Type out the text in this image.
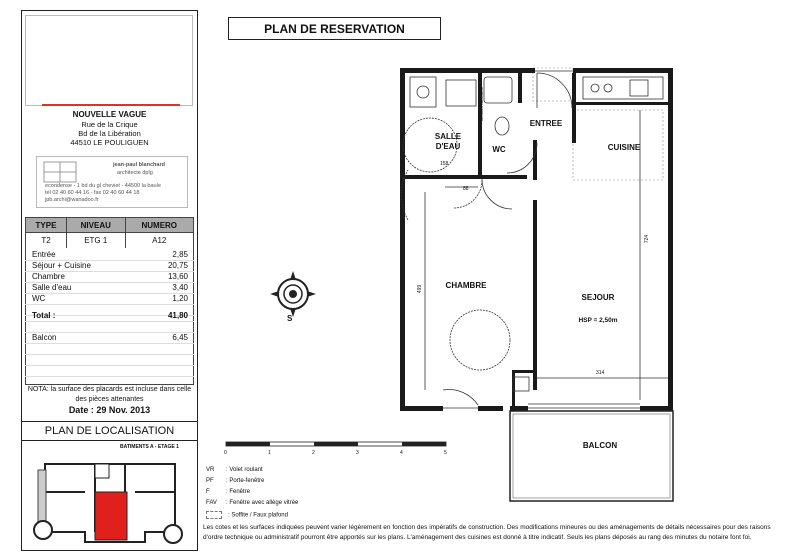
NOUVELLE VAGUE
Rue de la Crique
Bd de la Libération
44510 LE POULIGUEN
jean-paul blanchard
architecte dplg
econdense - 1 bd du gl cheviet - 44500 la baule
tél 02 40 60 44 16 - fax 02 40 60 44 18
jpb.archi@wanadoo.fr
TYPE	NIVEAU	NUMERO
T2	ETG 1	A12
Entrée	2,85
Séjour + Cuisine	20,75
Chambre	13,60
Salle d'eau	3,40
WC	1,20
Total :	41,80
Balcon	6,45
NOTA: la surface des placards est incluse dans celle des pièces attenantes
Date : 29 Nov. 2013
PLAN DE LOCALISATION
BATIMENTS A - ETAGE 1
PLAN DE RESERVATION
SALLE
D'EAU	WC
ENTREE
CUISINE
CHAMBRE
SEJOUR
HSP = 2,50m
BALCON
Cloison amovible
158
88
724
499
314
S
0	1	2	3	4	5
VR : Volet roulant
PF : Porte-fenêtre
F	: Fenêtre
FAV : Fenêtre avec allège vitrée
: Soffite / Faux plafond
Les cotes et les surfaces indiquées peuvent varier légèrement en fonction des impératifs de construction. Des modifications mineures ou des aménagements de détails nécessaires pour des raisons d'ordre technique ou administratif pourront être apportés sur les plans. L'aménagement des cuisines est donné à titre indicatif. Seuls les plans déposés au rang des minutes du notaire font foi.
